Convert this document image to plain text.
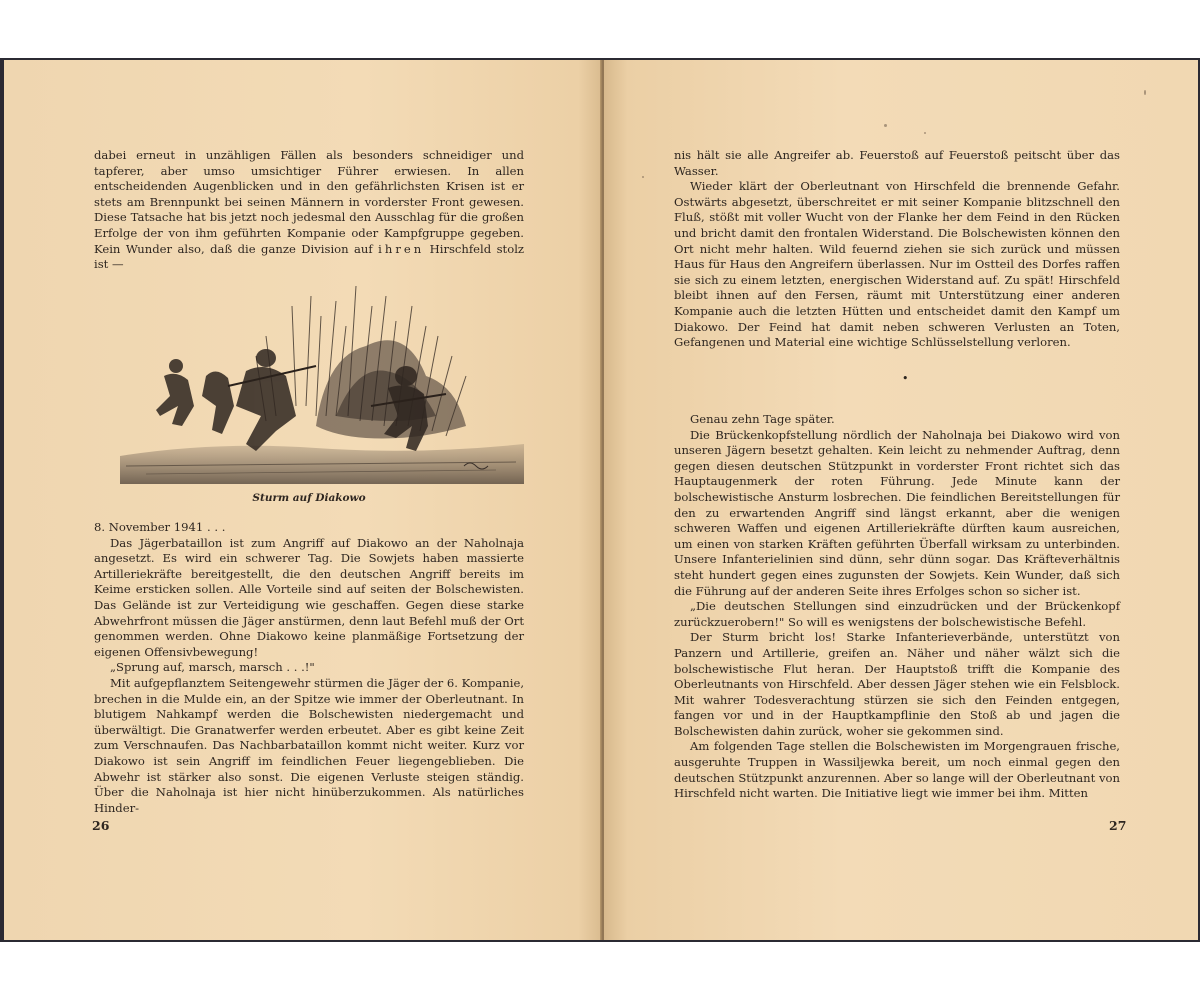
dabei erneut in unzähligen Fällen als besonders schneidiger und tapferer, aber umso umsichtiger Führer erwiesen. In allen entscheidenden Augenblicken und in den gefährlichsten Krisen ist er stets am Brennpunkt bei seinen Männern in vorderster Front gewesen. Diese Tatsache hat bis jetzt noch jedesmal den Ausschlag für die großen Erfolge der von ihm geführten Kompanie oder Kampfgruppe gegeben. Kein Wunder also, daß die ganze Division auf ihren Hirschfeld stolz ist —

Sturm auf Diakowo

8. November 1941 . . .

Das Jägerbataillon ist zum Angriff auf Diakowo an der Naholnaja angesetzt. Es wird ein schwerer Tag. Die Sowjets haben massierte Artilleriekräfte bereitgestellt, die den deutschen Angriff bereits im Keime ersticken sollen. Alle Vorteile sind auf seiten der Bolschewisten. Das Gelände ist zur Verteidigung wie geschaffen. Gegen diese starke Abwehrfront müssen die Jäger anstürmen, denn laut Befehl muß der Ort genommen werden. Ohne Diakowo keine planmäßige Fortsetzung der eigenen Offensivbewegung!

„Sprung auf, marsch, marsch . . .!"

Mit aufgepflanztem Seitengewehr stürmen die Jäger der 6. Kompanie, brechen in die Mulde ein, an der Spitze wie immer der Oberleutnant. In blutigem Nahkampf werden die Bolschewisten niedergemacht und überwältigt. Die Granatwerfer werden erbeutet. Aber es gibt keine Zeit zum Verschnaufen. Das Nachbarbataillon kommt nicht weiter. Kurz vor Diakowo ist sein Angriff im feindlichen Feuer liegengeblieben. Die Abwehr ist stärker also sonst. Die eigenen Verluste steigen ständig. Über die Naholnaja ist hier nicht hinüberzukommen. Als natürliches Hinder-

26

nis hält sie alle Angreifer ab. Feuerstoß auf Feuerstoß peitscht über das Wasser.

Wieder klärt der Oberleutnant von Hirschfeld die brennende Gefahr. Ostwärts abgesetzt, überschreitet er mit seiner Kompanie blitzschnell den Fluß, stößt mit voller Wucht von der Flanke her dem Feind in den Rücken und bricht damit den frontalen Widerstand. Die Bolschewisten können den Ort nicht mehr halten. Wild feuernd ziehen sie sich zurück und müssen Haus für Haus den Angreifern überlassen. Nur im Ostteil des Dorfes raffen sie sich zu einem letzten, energischen Widerstand auf. Zu spät! Hirschfeld bleibt ihnen auf den Fersen, räumt mit Unterstützung einer anderen Kompanie auch die letzten Hütten und entscheidet damit den Kampf um Diakowo. Der Feind hat damit neben schweren Verlusten an Toten, Gefangenen und Material eine wichtige Schlüsselstellung verloren.

•

Genau zehn Tage später.

Die Brückenkopfstellung nördlich der Naholnaja bei Diakowo wird von unseren Jägern besetzt gehalten. Kein leicht zu nehmender Auftrag, denn gegen diesen deutschen Stützpunkt in vorderster Front richtet sich das Hauptaugenmerk der roten Führung. Jede Minute kann der bolschewistische Ansturm losbrechen. Die feindlichen Bereitstellungen für den zu erwartenden Angriff sind längst erkannt, aber die wenigen schweren Waffen und eigenen Artilleriekräfte dürften kaum ausreichen, um einen von starken Kräften geführten Überfall wirksam zu unterbinden. Unsere Infanterielinien sind dünn, sehr dünn sogar. Das Kräfteverhältnis steht hundert gegen eines zugunsten der Sowjets. Kein Wunder, daß sich die Führung auf der anderen Seite ihres Erfolges schon so sicher ist.

„Die deutschen Stellungen sind einzudrücken und der Brückenkopf zurückzuerobern!" So will es wenigstens der bolschewistische Befehl.

Der Sturm bricht los! Starke Infanterieverbände, unterstützt von Panzern und Artillerie, greifen an. Näher und näher wälzt sich die bolschewistische Flut heran. Der Hauptstoß trifft die Kompanie des Oberleutnants von Hirschfeld. Aber dessen Jäger stehen wie ein Felsblock. Mit wahrer Todesverachtung stürzen sie sich den Feinden entgegen, fangen vor und in der Hauptkampflinie den Stoß ab und jagen die Bolschewisten dahin zurück, woher sie gekommen sind.

Am folgenden Tage stellen die Bolschewisten im Morgengrauen frische, ausgeruhte Truppen in Wassiljewka bereit, um noch einmal gegen den deutschen Stützpunkt anzurennen. Aber so lange will der Oberleutnant von Hirschfeld nicht warten. Die Initiative liegt wie immer bei ihm. Mitten

27
